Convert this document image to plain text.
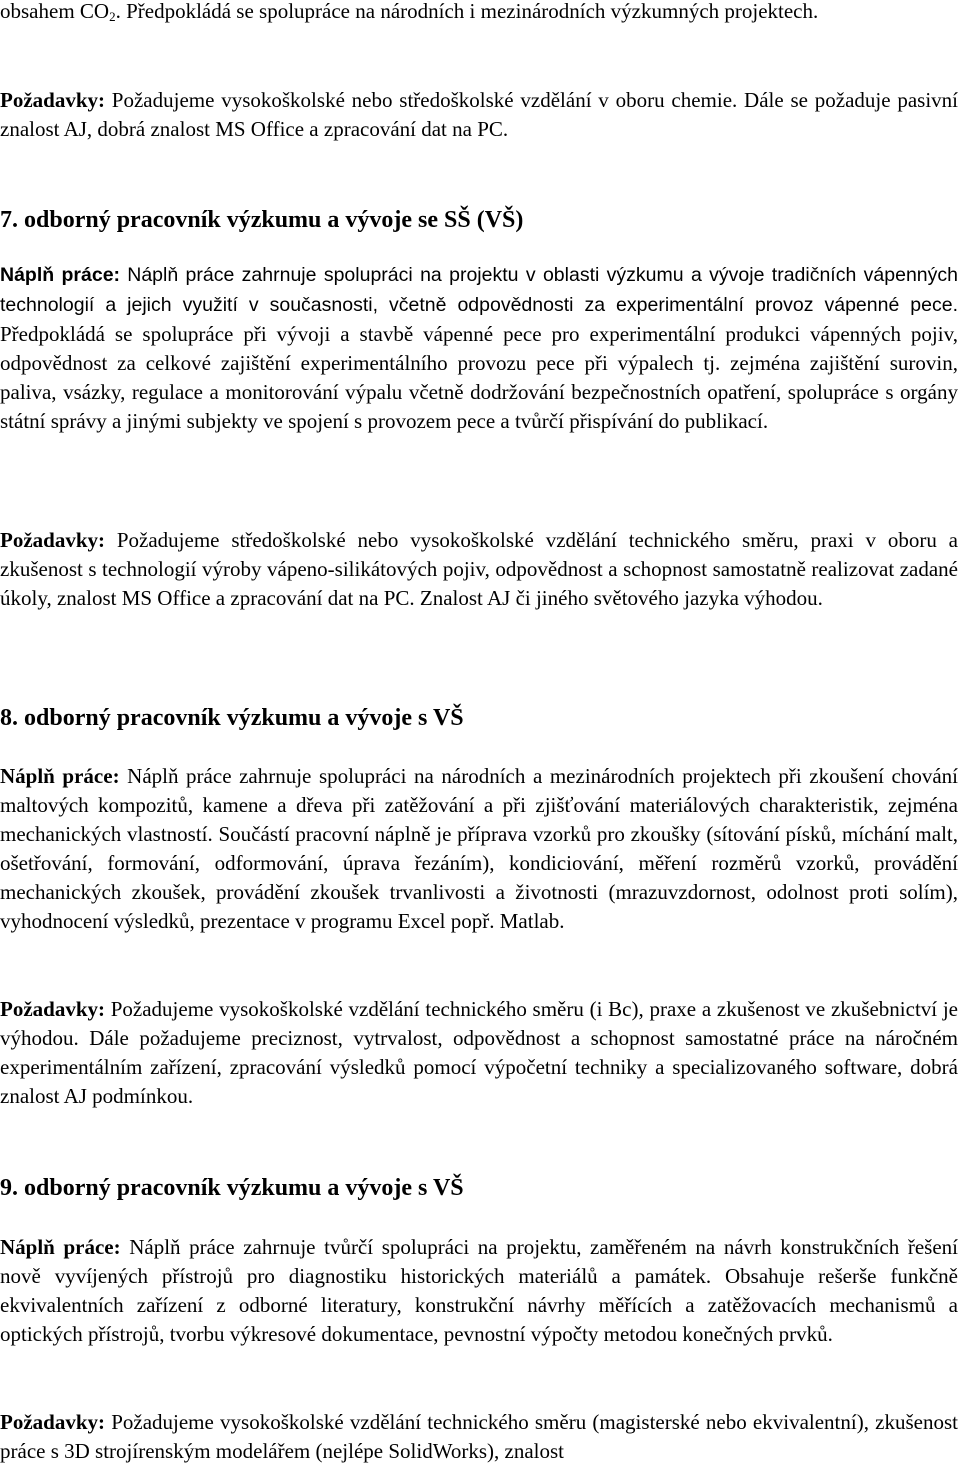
obsahem $CO_2$. Předpokládá se spolupráce na národních i mezinárodních výzkumných projektech.

Požadavky: Požadujeme vysokoškolské nebo středoškolské vzdělání v oboru chemie. Dále se požaduje pasivní znalost AJ, dobrá znalost MS Office a zpracování dat na PC.

7. odborný pracovník výzkumu a vývoje se SŠ (VŠ)

Náplň práce: Náplň práce zahrnuje spolupráci na projektu v oblasti výzkumu a vývoje tradičních vápenných technologií a jejich využití v současnosti, včetně odpovědnosti za experimentální provoz vápenné pece. Předpokládá se spolupráce při vývoji a stavbě vápenné pece pro experimentální produkci vápenných pojiv, odpovědnost za celkové zajištění experimentálního provozu pece při výpalech tj. zejména zajištění surovin, paliva, vsázky, regulace a monitorování výpalu včetně dodržování bezpečnostních opatření, spolupráce s orgány státní správy a jinými subjekty ve spojení s provozem pece a tvůrčí přispívání do publikací.

Požadavky: Požadujeme středoškolské nebo vysokoškolské vzdělání technického směru, praxi v oboru a zkušenost s technologií výroby vápeno-silikátových pojiv, odpovědnost a schopnost samostatně realizovat zadané úkoly, znalost MS Office a zpracování dat na PC. Znalost AJ či jiného světového jazyka výhodou.

8. odborný pracovník výzkumu a vývoje s VŠ

Náplň práce: Náplň práce zahrnuje spolupráci na národních a mezinárodních projektech při zkoušení chování maltových kompozitů, kamene a dřeva při zatěžování a při zjišťování materiálových charakteristik, zejména mechanických vlastností. Součástí pracovní náplně je příprava vzorků pro zkoušky (sítování písků, míchání malt, ošetřování, formování, odformování, úprava řezáním), kondiciování, měření rozměrů vzorků, provádění mechanických zkoušek, provádění zkoušek trvanlivosti a životnosti (mrazuvzdornost, odolnost proti solím), vyhodnocení výsledků, prezentace v programu Excel popř. Matlab.

Požadavky: Požadujeme vysokoškolské vzdělání technického směru (i Bc), praxe a zkušenost ve zkušebnictví je výhodou. Dále požadujeme preciznost, vytrvalost, odpovědnost a schopnost samostatné práce na náročném experimentálním zařízení, zpracování výsledků pomocí výpočetní techniky a specializovaného software, dobrá znalost AJ podmínkou.

9. odborný pracovník výzkumu a vývoje s VŠ

Náplň práce: Náplň práce zahrnuje tvůrčí spolupráci na projektu, zaměřeném na návrh konstrukčních řešení nově vyvíjených přístrojů pro diagnostiku historických materiálů a památek. Obsahuje rešerše funkčně ekvivalentních zařízení z odborné literatury, konstrukční návrhy měřících a zatěžovacích mechanismů a optických přístrojů, tvorbu výkresové dokumentace, pevnostní výpočty metodou konečných prvků.

Požadavky: Požadujeme vysokoškolské vzdělání technického směru (magisterské nebo ekvivalentní), zkušenost práce s 3D strojírenským modelářem (nejlépe SolidWorks), znalost
